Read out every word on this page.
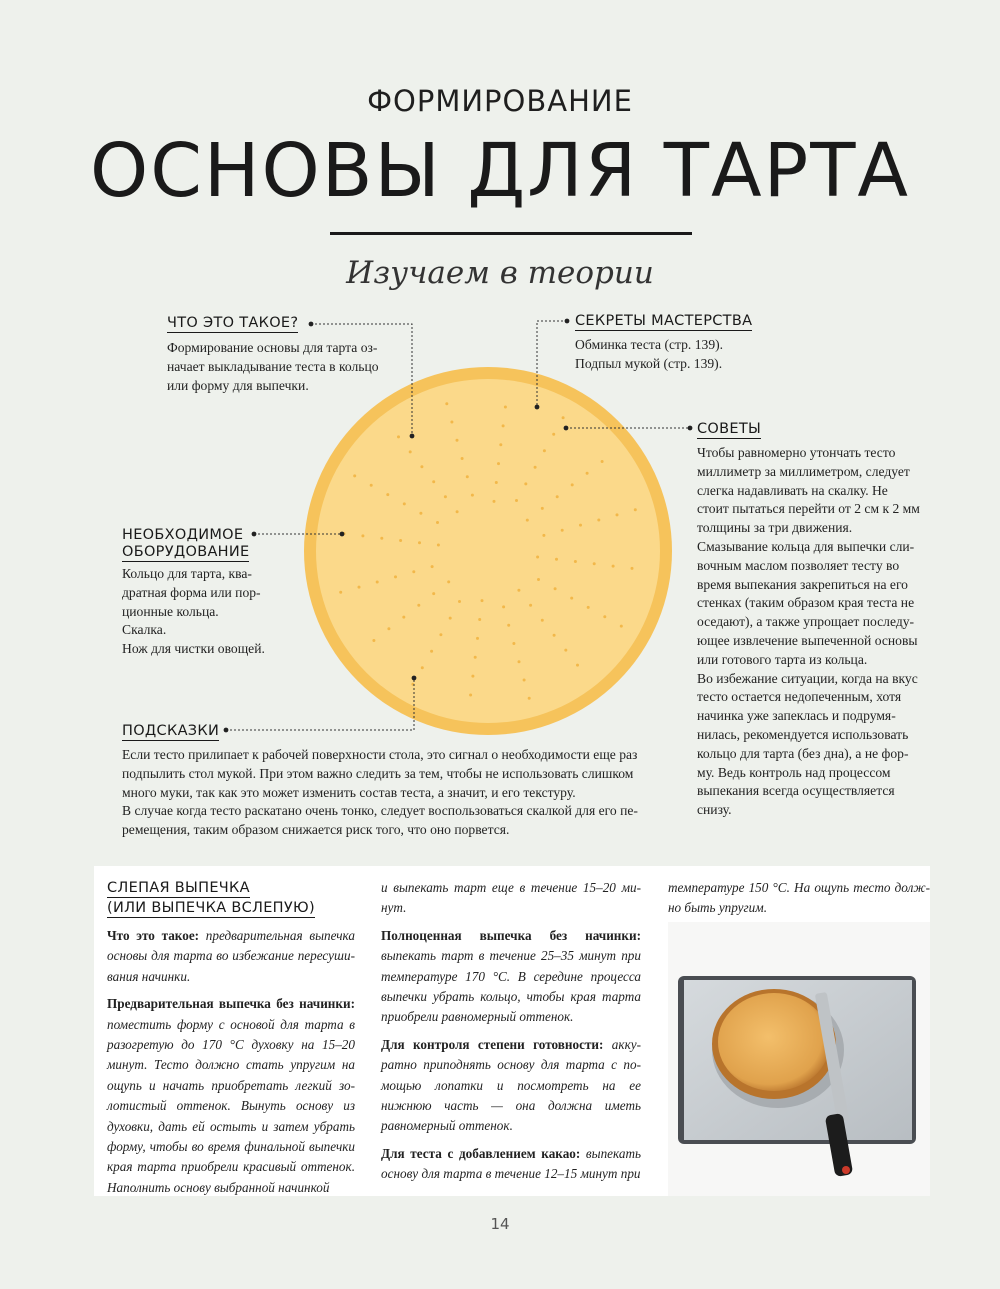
ФОРМИРОВАНИЕ
ОСНОВЫ ДЛЯ ТАРТА
Изучаем в теории
ЧТО ЭТО ТАКОЕ?
Формирование основы для тарта оз-
начает выкладывание теста в кольцо
или форму для выпечки.
СЕКРЕТЫ МАСТЕРСТВА
Обминка теста (стр. 139).
Подпыл мукой (стр. 139).
СОВЕТЫ
Чтобы равномерно утончать тесто
миллиметр за миллиметром, следует
слегка надавливать на скалку. Не
стоит пытаться перейти от 2 см к 2 мм
толщины за три движения.
Смазывание кольца для выпечки сли-
вочным маслом позволяет тесту во
время выпекания закрепиться на его
стенках (таким образом края теста не
оседают), а также упрощает последу-
ющее извлечение выпеченной основы
или готового тарта из кольца.
Во избежание ситуации, когда на вкус
тесто остается недопеченным, хотя
начинка уже запеклась и подрумя-
нилась, рекомендуется использовать
кольцо для тарта (без дна), а не фор-
му. Ведь контроль над процессом
выпекания всегда осуществляется
снизу.
НЕОБХОДИМОЕ
ОБОРУДОВАНИЕ
Кольцо для тарта, ква-
дратная форма или пор-
ционные кольца.
Скалка.
Нож для чистки овощей.
ПОДСКАЗКИ
Если тесто прилипает к рабочей поверхности стола, это сигнал о необходимости еще раз
подпылить стол мукой. При этом важно следить за тем, чтобы не использовать слишком
много муки, так как это может изменить состав теста, а значит, и его текстуру.
В случае когда тесто раскатано очень тонко, следует воспользоваться скалкой для его пе-
ремещения, таким образом снижается риск того, что оно порвется.
СЛЕПАЯ ВЫПЕЧКА
(ИЛИ ВЫПЕЧКА ВСЛЕПУЮ)

Что это такое: предварительная выпечка основы для тарта во избежание пересушивания начинки.

Предварительная выпечка без начинки: поместить форму с основой для тарта в разогретую до 170 °С духовку на 15–20 минут. Тесто должно стать упругим на ощупь и начать приобретать легкий золотистый оттенок. Вынуть основу из духовки, дать ей остыть и затем убрать форму, чтобы во время финальной выпечки края тарта приобрели красивый оттенок. Наполнить основу выбранной начинкой

и выпекать тарт еще в течение 15–20 минут.

Полноценная выпечка без начинки: выпекать тарт в течение 25–35 минут при температуре 170 °С. В середине процесса выпечки убрать кольцо, чтобы края тарта приобрели равномерный оттенок.

Для контроля степени готовности: аккуратно приподнять основу для тарта с помощью лопатки и посмотреть на ее нижнюю часть — она должна иметь равномерный оттенок.

Для теста с добавлением какао: выпекать основу для тарта в течение 12–15 минут при

температуре 150 °С. На ощупь тесто должно быть упругим.

14
